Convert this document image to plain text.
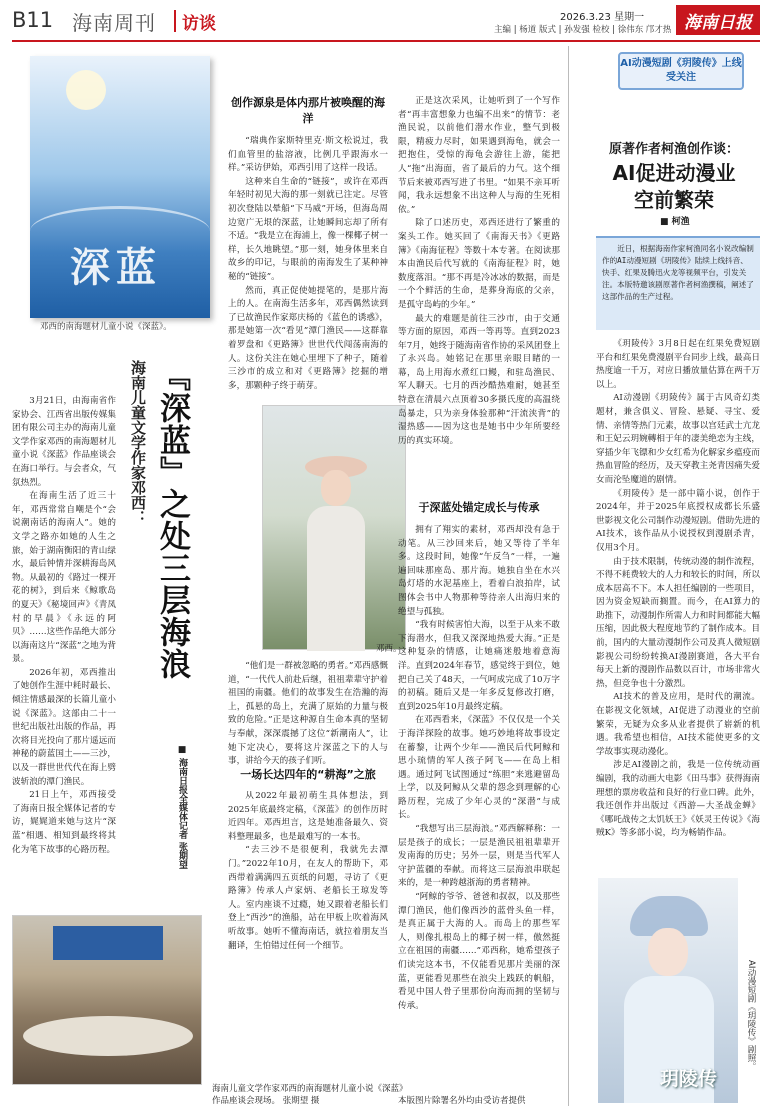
B11 海南周刊 访谈	2026.3.23 星期一
主编 | 杨道 版式 | 孙发强 检校 | 徐伟东 邝才热 海南日报
深蓝
邓西的南海题材儿童小说《深蓝》。
创作源泉是体内那片被唤醒的海洋

“瑞典作家斯特里克·斯文松说过，我们血管里的盐溶液，比例几乎跟海水一样。”采访伊始，邓西引用了这样一段话。

这种来自生命的“链接”，或许在邓西年轻时初见大海的那一刻就已注定。尽管初次登陆以晕船“下马威”开场，但海岛周边宽广无垠的深蓝，让她瞬间忘却了所有不适。“我是立在海浦上，像一棵椰子树一样，长久地眺望。”那一刻，她身体里来自故乡的印记，与眼前的南海发生了某种神秘的“链接”。

然而，真正促使她提笔的，是那片海上的人。在南海生活多年，邓西偶然读到了已故渔民作家郑庆杨的《蓝色的诱惑》，那是她第一次“看见”潭门渔民——这群靠着罗盘和《更路簿》世世代代闯荡南海的人。这份关注在她心里埋下了种子，随着三沙市的成立和对《更路簿》挖掘的增多，那颗种子终于萌芽。

『深蓝』之处三层海浪
海南儿童文学作家邓西：
■ 海南日报全媒体记者 张期望

3月21日，由海南省作家协会、江西省出版传媒集团有限公司主办的海南儿童文学作家邓西的南海题材儿童小说《深蓝》作品座谈会在海口举行。与会者众，气氛热烈。

在海南生活了近三十年，邓西常常自嘲是个“会说潮南话的海南人”。她的文学之路亦如她的人生之旅，始于湖南衡阳的青山绿水，最后钟情并深耕海岛风物。从最初的《路过一棵开花的树》，到后来《鲸歌岛的夏天》《秘境回声》《青凤村的早晨》《永远的阿贝》……这些作品绝大部分以海南这片“深蓝”之地为背景。

2026年初，邓西推出了她创作生涯中耗时最长、倾注情感最深的长篇儿童小说《深蓝》。这部由二十一世纪出版社出版的作品，再次将目光投向了那片遥远而神秘的蔚蓝国土——三沙，以及一群世世代代在海上劈波斩浪的潭门渔民。

21日上午，邓西接受了海南日报全媒体记者的专访，娓娓道来她与这片“深蓝”相遇、相知到最终将其化为笔下故事的心路历程。

邓西。

“他们是一群被忽略的勇者。”邓西感慨道，“一代代人前赴后继，祖祖辈辈守护着祖国的南疆。他们的故事发生在浩瀚的海上，孤悬的岛上，充满了原始的力量与极致的危险。”正是这种源自生命本真的坚韧与奉献，深深震撼了这位“新潮南人”，让她下定决心，要将这片深蓝之下的人与事，讲给今天的孩子们听。

一场长达四年的“耕海”之旅

从2022年最初萌生具体想法，到2025年底最终定稿，《深蓝》的创作历时近四年。邓西坦言，这是她准备最久、资料整理最多，也是最难写的一本书。

“去三沙不是很便利，我就先去潭门。”2022年10月，在友人的帮助下，邓西带着满满四五页纸的问题，寻访了《更路簿》传承人卢家炳、老船长王琼发等人。室内座谈不过瘾，她又跟着老船长们登上“西沙”的渔船，站在甲板上吹着海风听故事。她听不懂海南话，就拉着朋友当翻译，生怕错过任何一个细节。

海南儿童文学作家邓西的南海题材儿童小说《深蓝》作品座谈会现场。 张期望 摄

正是这次采风，让她听到了一个写作者“再丰富想象力也编不出来”的情节：老渔民说，以前他们潜水作业，整气到极限，精疲力尽时，如果遇到海龟，就会一把抱住，受惊的海龟会游往上游，能把人“拖”出海面，省了最后的力气。这个细节后来被邓西写进了书里。“如果不亲耳听闻，我永远想象不出这种人与海的生死相依。”

除了口述历史，邓西还进行了繁重的案头工作。她买回了《南海天书》《更路簿》《南海征程》等数十本专著。在阅读那本由渔民后代写就的《南海征程》时，她数度落泪。“那不再是冷冰冰的数据，而是一个个鲜活的生命，是葬身海底的父亲，是孤守岛屿的少年。”

最大的难题是前往三沙市，由于交通等方面的原因，邓西一等再等。直到2023年7月，她终于随海南省作协的采风团登上了永兴岛。她铭记在那里亲眼目睹的一幕，岛上用海水煮红口鳗，和驻岛渔民、军人聊天。七月的西沙酷热难耐，她甚至特意在清晨六点顶着30多摄氏度的高温绕岛暴走，只为亲身体验那种“汗流浃背”的湿热感——因为这也是她书中少年所要经历的真实环境。

于深蓝处锚定成长与传承

拥有了翔实的素材，邓西却没有急于动笔。从三沙回来后，她又等待了半年多。这段时间，她像“午反刍”一样，一遍遍回味那座岛、那片海。她独自坐在水兴岛灯塔的水泥基座上，看着白浪拍岸，试图体会书中人物那种等待亲人出海归来的绝望与孤独。

“我有时候害怕大海，以至于从来不敢下海潜水，但我又深深地热爱大海。”正是这种复杂的情感，让她痛迷般地着意海洋。直到2024年春节，感觉终于到位，她把自己关了48天，一气呵成完成了10万字的初稿。随后又是一年多反复修改打磨，直到2025年10月最终定稿。

在邓西看来，《深蓝》不仅仅是一个关于海洋探险的故事。她巧妙地将故事设定在蓄黎，让两个少年——渔民后代阿鲸和思小琉情的军人孩子阿飞——在岛上相遇。通过阿飞试图通过“练胆”来逃避留岛上学，以及阿鲸从父辈的怨念到理解的心路历程，完成了少年心灵的“深潜”与成长。

“我想写出三层海浪。”邓西解释称：一层是孩子的成长；一层是渔民祖祖辈辈开发南海的历史；另外一层，则是当代军人守护蓝疆的奉献。而将这三层海浪串联起来的，是一种跨越浙海的勇者精神。

“阿鲸的爷爷、爸爸和叔叔，以及那些潭门渔民，他们像西沙的蓝骨头鱼一样，是真正属于大海的人。而岛上的那些军人，则像扎根岛上的椰子树一样，傲然挺立在祖国的南疆……”邓西称，她希望孩子们读完这本书，不仅能看见那片美丽的深蓝，更能看见那些在浪尖上践跃的帆船，看见中国人骨子里那份向海而拥的坚韧与传承。

本版图片除署名外均由受访者提供
AI动漫短剧《玥陵传》上线受关注
原著作者柯渔创作谈：
AI促进动漫业
空前繁荣
■ 柯渔
近日，根据海南作家柯渔同名小说改编制作的AI动漫短剧《玥陵传》陆续上线抖音、快手、红果及腾迅火龙等视频平台，引发关注。本版特邀该剧原著作者柯渔撰稿，阐述了这部作品的生产过程。

《玥陵传》3月8日起在红果免费短剧平台和红果免费漫剧平台同步上线，最高日热度逾一千万，对应日播放量估算在两千万以上。

AI动漫剧《玥陵传》属于古风奇幻类题材，兼含俱义、冒险、悬疑、寻宝、爱情、亲情等热门元素，故事以宫廷武士亢龙和王妃云玥婉轉相于年的凄美绝恋为主线，穿插少年飞镖和少女红希为化解家乡瘟疫而热血冒险的经历，及天穿教主尧青因痛失爱女而沦坠魔道的剧情。

《玥陵传》是一部中篇小说，创作于2024年，并于2025年底授权成都长乐盛世影视文化公司制作动漫短剧。借助先进的AI技术，该作品从小说授权到漫剧杀青，仅用3个月。

由于技术限制，传统动漫的制作流程，不得不耗费较大的人力和较长的时间，所以成本居高不下。本人担任编剧的一些项目，因为资金短缺而搁置。而今，在AI算力的助推下，动漫制作所需人力和时间都能大幅压缩，因此极大程度地节约了制作成本。目前，国内的大量动漫制作公司及真人微短剧影视公司纷纷转换AI漫剧赛道，各大平台每天上新的漫剧作品数以百计，市场非常火热，但竞争也十分激烈。

AI技术的普及应用，是时代的潮流。在影视文化领域，AI促进了动漫业的空前繁荣，无疑为众多从业者提供了崭新的机遇。我希望也相信，AI技术能使更多的文学故事实现动漫化。

涉足AI漫剧之前，我是一位传统动画编剧，我的动画大电影《田马事》获得海南理想的票房收益和良好的行业口碑。此外，我还创作并出版过《西游—大圣战金蝉》《哪吒战传之太饥妖王》《妖灵王传说》《海贼K》等多部小说，均为畅销作品。

玥陵传
AI动漫短剧《玥陵传》剧照。
